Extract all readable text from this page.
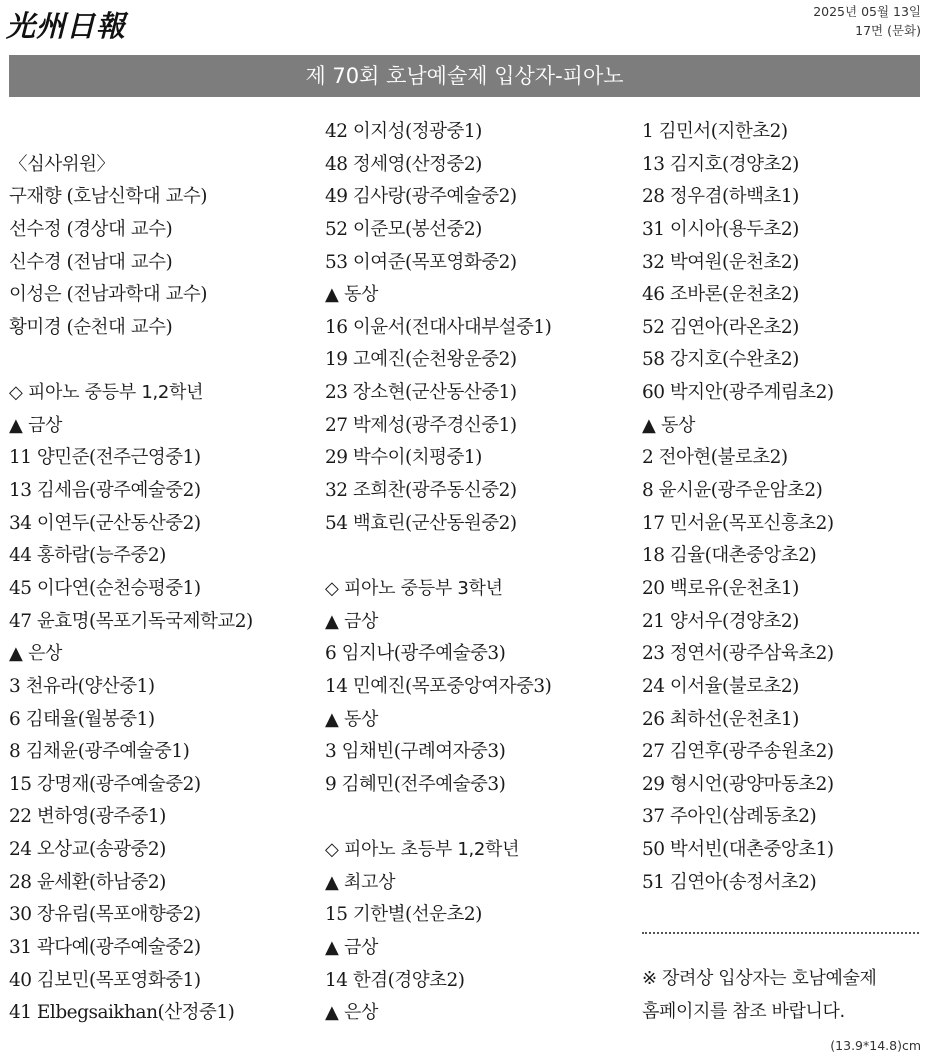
光州日報	2025년 05월 13일
17면 (문화)
제 70회 호남예술제 입상자-피아노
〈심사위원〉
구재향 (호남신학대 교수)
선수정 (경상대 교수)
신수경 (전남대 교수)
이성은 (전남과학대 교수)
황미경 (순천대 교수)
◇ 피아노 중등부 1,2학년
▲ 금상
11 양민준(전주근영중1)
13 김세음(광주예술중2)
34 이연두(군산동산중2)
44 홍하람(능주중2)
45 이다연(순천승평중1)
47 윤효명(목포기독국제학교2)
▲ 은상
3 천유라(양산중1)
6 김태율(월봉중1)
8 김채윤(광주예술중1)
15 강명재(광주예술중2)
22 변하영(광주중1)
24 오상교(송광중2)
28 윤세환(하남중2)
30 장유림(목포애향중2)
31 곽다예(광주예술중2)
40 김보민(목포영화중1)
41 Elbegsaikhan(산정중1)
42 이지성(정광중1)
48 정세영(산정중2)
49 김사랑(광주예술중2)
52 이준모(봉선중2)
53 이여준(목포영화중2)
▲ 동상
16 이윤서(전대사대부설중1)
19 고예진(순천왕운중2)
23 장소현(군산동산중1)
27 박제성(광주경신중1)
29 박수이(치평중1)
32 조희찬(광주동신중2)
54 백효린(군산동원중2)
◇ 피아노 중등부 3학년
▲ 금상
6 임지나(광주예술중3)
14 민예진(목포중앙여자중3)
▲ 동상
3 임채빈(구례여자중3)
9 김혜민(전주예술중3)
◇ 피아노 초등부 1,2학년
▲ 최고상
15 기한별(선운초2)
▲ 금상
14 한겸(경양초2)
▲ 은상
1 김민서(지한초2)
13 김지호(경양초2)
28 정우겸(하백초1)
31 이시아(용두초2)
32 박여원(운천초2)
46 조바론(운천초2)
52 김연아(라온초2)
58 강지호(수완초2)
60 박지안(광주계림초2)
▲ 동상
2 전아현(불로초2)
8 윤시윤(광주운암초2)
17 민서윤(목포신흥초2)
18 김율(대촌중앙초2)
20 백로유(운천초1)
21 양서우(경양초2)
23 정연서(광주삼육초2)
24 이서율(불로초2)
26 최하선(운천초1)
27 김연후(광주송원초2)
29 형시언(광양마동초2)
37 주아인(삼례동초2)
50 박서빈(대촌중앙초1)
51 김연아(송정서초2)
※ 장려상 입상자는 호남예술제
홈페이지를 참조 바랍니다.
(13.9*14.8)cm
